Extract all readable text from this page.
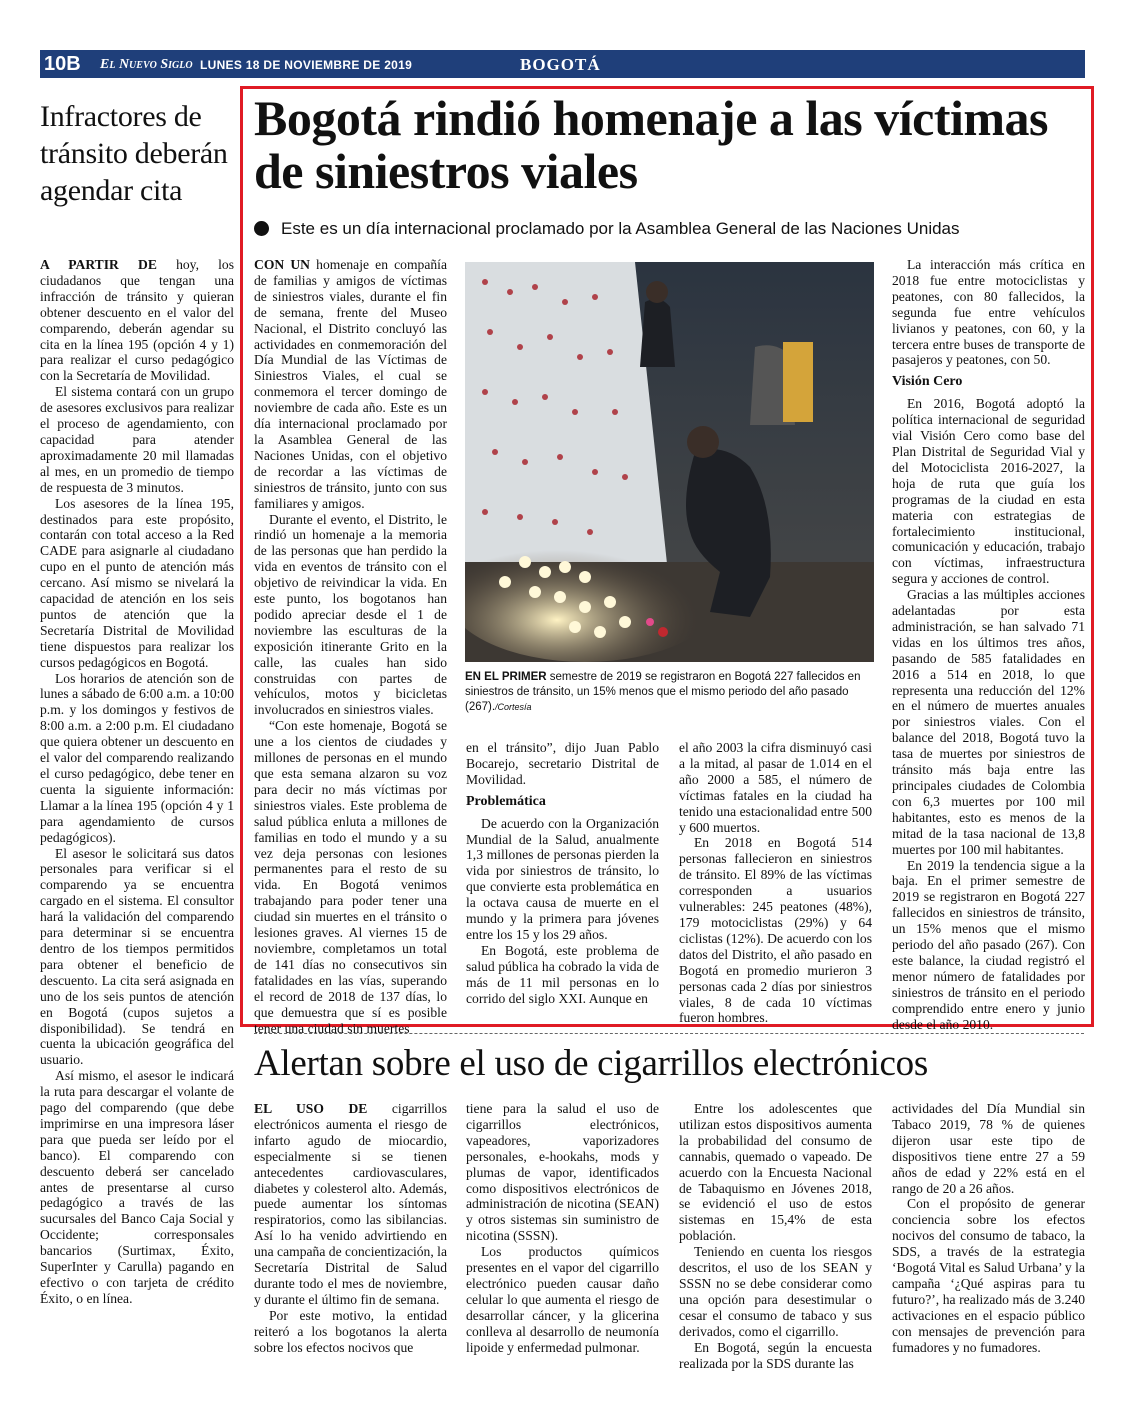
10B El Nuevo Siglo LUNES 18 DE NOVIEMBRE DE 2019	BOGOTÁ
Infractores de tránsito deberán agendar cita

A PARTIR DE hoy, los ciudadanos que tengan una infracción de tránsito y quieran obtener descuento en el valor del comparendo, deberán agendar su cita en la línea 195 (opción 4 y 1) para realizar el curso pedagógico con la Secretaría de Movilidad.

El sistema contará con un grupo de asesores exclusivos para realizar el proceso de agendamiento, con capacidad para atender aproximadamente 20 mil llamadas al mes, en un promedio de tiempo de respuesta de 3 minutos.

Los asesores de la línea 195, destinados para este propósito, contarán con total acceso a la Red CADE para asignarle al ciudadano cupo en el punto de atención más cercano. Así mismo se nivelará la capacidad de atención en los seis puntos de atención que la Secretaría Distrital de Movilidad tiene dispuestos para realizar los cursos pedagógicos en Bogotá.

Los horarios de atención son de lunes a sábado de 6:00 a.m. a 10:00 p.m. y los domingos y festivos de 8:00 a.m. a 2:00 p.m. El ciudadano que quiera obtener un descuento en el valor del comparendo realizando el curso pedagógico, debe tener en cuenta la siguiente información: Llamar a la línea 195 (opción 4 y 1 para agendamiento de cursos pedagógicos).

El asesor le solicitará sus datos personales para verificar si el comparendo ya se encuentra cargado en el sistema. El consultor hará la validación del comparendo para determinar si se encuentra dentro de los tiempos permitidos para obtener el beneficio de descuento. La cita será asignada en uno de los seis puntos de atención en Bogotá (cupos sujetos a disponibilidad). Se tendrá en cuenta la ubicación geográfica del usuario.

Así mismo, el asesor le indicará la ruta para descargar el volante de pago del comparendo (que debe imprimirse en una impresora láser para que pueda ser leído por el banco). El comparendo con descuento deberá ser cancelado antes de presentarse al curso pedagógico a través de las sucursales del Banco Caja Social y Occidente; corresponsales bancarios (Surtimax, Éxito, SuperInter y Carulla) pagando en efectivo o con tarjeta de crédito Éxito, o en línea.

Bogotá rindió homenaje a las víctimas de siniestros viales
Este es un día internacional proclamado por la Asamblea General de las Naciones Unidas

CON UN homenaje en compañía de familias y amigos de víctimas de siniestros viales, durante el fin de semana, frente del Museo Nacional, el Distrito concluyó las actividades en conmemoración del Día Mundial de las Víctimas de Siniestros Viales, el cual se conmemora el tercer domingo de noviembre de cada año. Este es un día internacional proclamado por la Asamblea General de las Naciones Unidas, con el objetivo de recordar a las víctimas de siniestros de tránsito, junto con sus familiares y amigos.

Durante el evento, el Distrito, le rindió un homenaje a la memoria de las personas que han perdido la vida en eventos de tránsito con el objetivo de reivindicar la vida. En este punto, los bogotanos han podido apreciar desde el 1 de noviembre las esculturas de la exposición itinerante Grito en la calle, las cuales han sido construidas con partes de vehículos, motos y bicicletas involucrados en siniestros viales.

“Con este homenaje, Bogotá se une a los cientos de ciudades y millones de personas en el mundo que esta semana alzaron su voz para decir no más víctimas por siniestros viales. Este problema de salud pública enluta a millones de familias en todo el mundo y a su vez deja personas con lesiones permanentes para el resto de su vida. En Bogotá venimos trabajando para poder tener una ciudad sin muertes en el tránsito o lesiones graves. Al viernes 15 de noviembre, completamos un total de 141 días no consecutivos sin fatalidades en las vías, superando el record de 2018 de 137 días, lo que demuestra que sí es posible tener una ciudad sin muertes

EN EL PRIMER semestre de 2019 se registraron en Bogotá 227 fallecidos en siniestros de tránsito, un 15% menos que el mismo periodo del año pasado (267)./Cortesía

en el tránsito”, dijo Juan Pablo Bocarejo, secretario Distrital de Movilidad.

Problemática

De acuerdo con la Organización Mundial de la Salud, anualmente 1,3 millones de personas pierden la vida por siniestros de tránsito, lo que convierte esta problemática en la octava causa de muerte en el mundo y la primera para jóvenes entre los 15 y los 29 años.

En Bogotá, este problema de salud pública ha cobrado la vida de más de 11 mil personas en lo corrido del siglo XXI. Aunque en

el año 2003 la cifra disminuyó casi a la mitad, al pasar de 1.014 en el año 2000 a 585, el número de víctimas fatales en la ciudad ha tenido una estacionalidad entre 500 y 600 muertos.

En 2018 en Bogotá 514 personas fallecieron en siniestros de tránsito. El 89% de las víctimas corresponden a usuarios vulnerables: 245 peatones (48%), 179 motociclistas (29%) y 64 ciclistas (12%). De acuerdo con los datos del Distrito, el año pasado en Bogotá en promedio murieron 3 personas cada 2 días por siniestros viales, 8 de cada 10 víctimas fueron hombres.

La interacción más crítica en 2018 fue entre motociclistas y peatones, con 80 fallecidos, la segunda fue entre vehículos livianos y peatones, con 60, y la tercera entre buses de transporte de pasajeros y peatones, con 50.

Visión Cero

En 2016, Bogotá adoptó la política internacional de seguridad vial Visión Cero como base del Plan Distrital de Seguridad Vial y del Motociclista 2016-2027, la hoja de ruta que guía los programas de la ciudad en esta materia con estrategias de fortalecimiento institucional, comunicación y educación, trabajo con víctimas, infraestructura segura y acciones de control.

Gracias a las múltiples acciones adelantadas por esta administración, se han salvado 71 vidas en los últimos tres años, pasando de 585 fatalidades en 2016 a 514 en 2018, lo que representa una reducción del 12% en el número de muertes anuales por siniestros viales. Con el balance del 2018, Bogotá tuvo la tasa de muertes por siniestros de tránsito más baja entre las principales ciudades de Colombia con 6,3 muertes por 100 mil habitantes, esto es menos de la mitad de la tasa nacional de 13,8 muertes por 100 mil habitantes.

En 2019 la tendencia sigue a la baja. En el primer semestre de 2019 se registraron en Bogotá 227 fallecidos en siniestros de tránsito, un 15% menos que el mismo periodo del año pasado (267). Con este balance, la ciudad registró el menor número de fatalidades por siniestros de tránsito en el periodo comprendido entre enero y junio desde el año 2010.

Alertan sobre el uso de cigarrillos electrónicos

EL USO DE cigarrillos electrónicos aumenta el riesgo de infarto agudo de miocardio, especialmente si se tienen antecedentes cardiovasculares, diabetes y colesterol alto. Además, puede aumentar los síntomas respiratorios, como las sibilancias. Así lo ha venido advirtiendo en una campaña de concientización, la Secretaría Distrital de Salud durante todo el mes de noviembre, y durante el último fin de semana.

Por este motivo, la entidad reiteró a los bogotanos la alerta sobre los efectos nocivos que

tiene para la salud el uso de cigarrillos electrónicos, vapeadores, vaporizadores personales, e-hookahs, mods y plumas de vapor, identificados como dispositivos electrónicos de administración de nicotina (SEAN) y otros sistemas sin suministro de nicotina (SSSN).

Los productos químicos presentes en el vapor del cigarrillo electrónico pueden causar daño celular lo que aumenta el riesgo de desarrollar cáncer, y la glicerina conlleva al desarrollo de neumonía lipoide y enfermedad pulmonar.

Entre los adolescentes que utilizan estos dispositivos aumenta la probabilidad del consumo de cannabis, quemado o vapeado. De acuerdo con la Encuesta Nacional de Tabaquismo en Jóvenes 2018, se evidenció el uso de estos sistemas en 15,4% de esta población.

Teniendo en cuenta los riesgos descritos, el uso de los SEAN y SSSN no se debe considerar como una opción para desestimular o cesar el consumo de tabaco y sus derivados, como el cigarrillo.

En Bogotá, según la encuesta realizada por la SDS durante las

actividades del Día Mundial sin Tabaco 2019, 78 % de quienes dijeron usar este tipo de dispositivos tiene entre 27 a 59 años de edad y 22% está en el rango de 20 a 26 años.

Con el propósito de generar conciencia sobre los efectos nocivos del consumo de tabaco, la SDS, a través de la estrategia ‘Bogotá Vital es Salud Urbana’ y la campaña ‘¿Qué aspiras para tu futuro?’, ha realizado más de 3.240 activaciones en el espacio público con mensajes de prevención para fumadores y no fumadores.
